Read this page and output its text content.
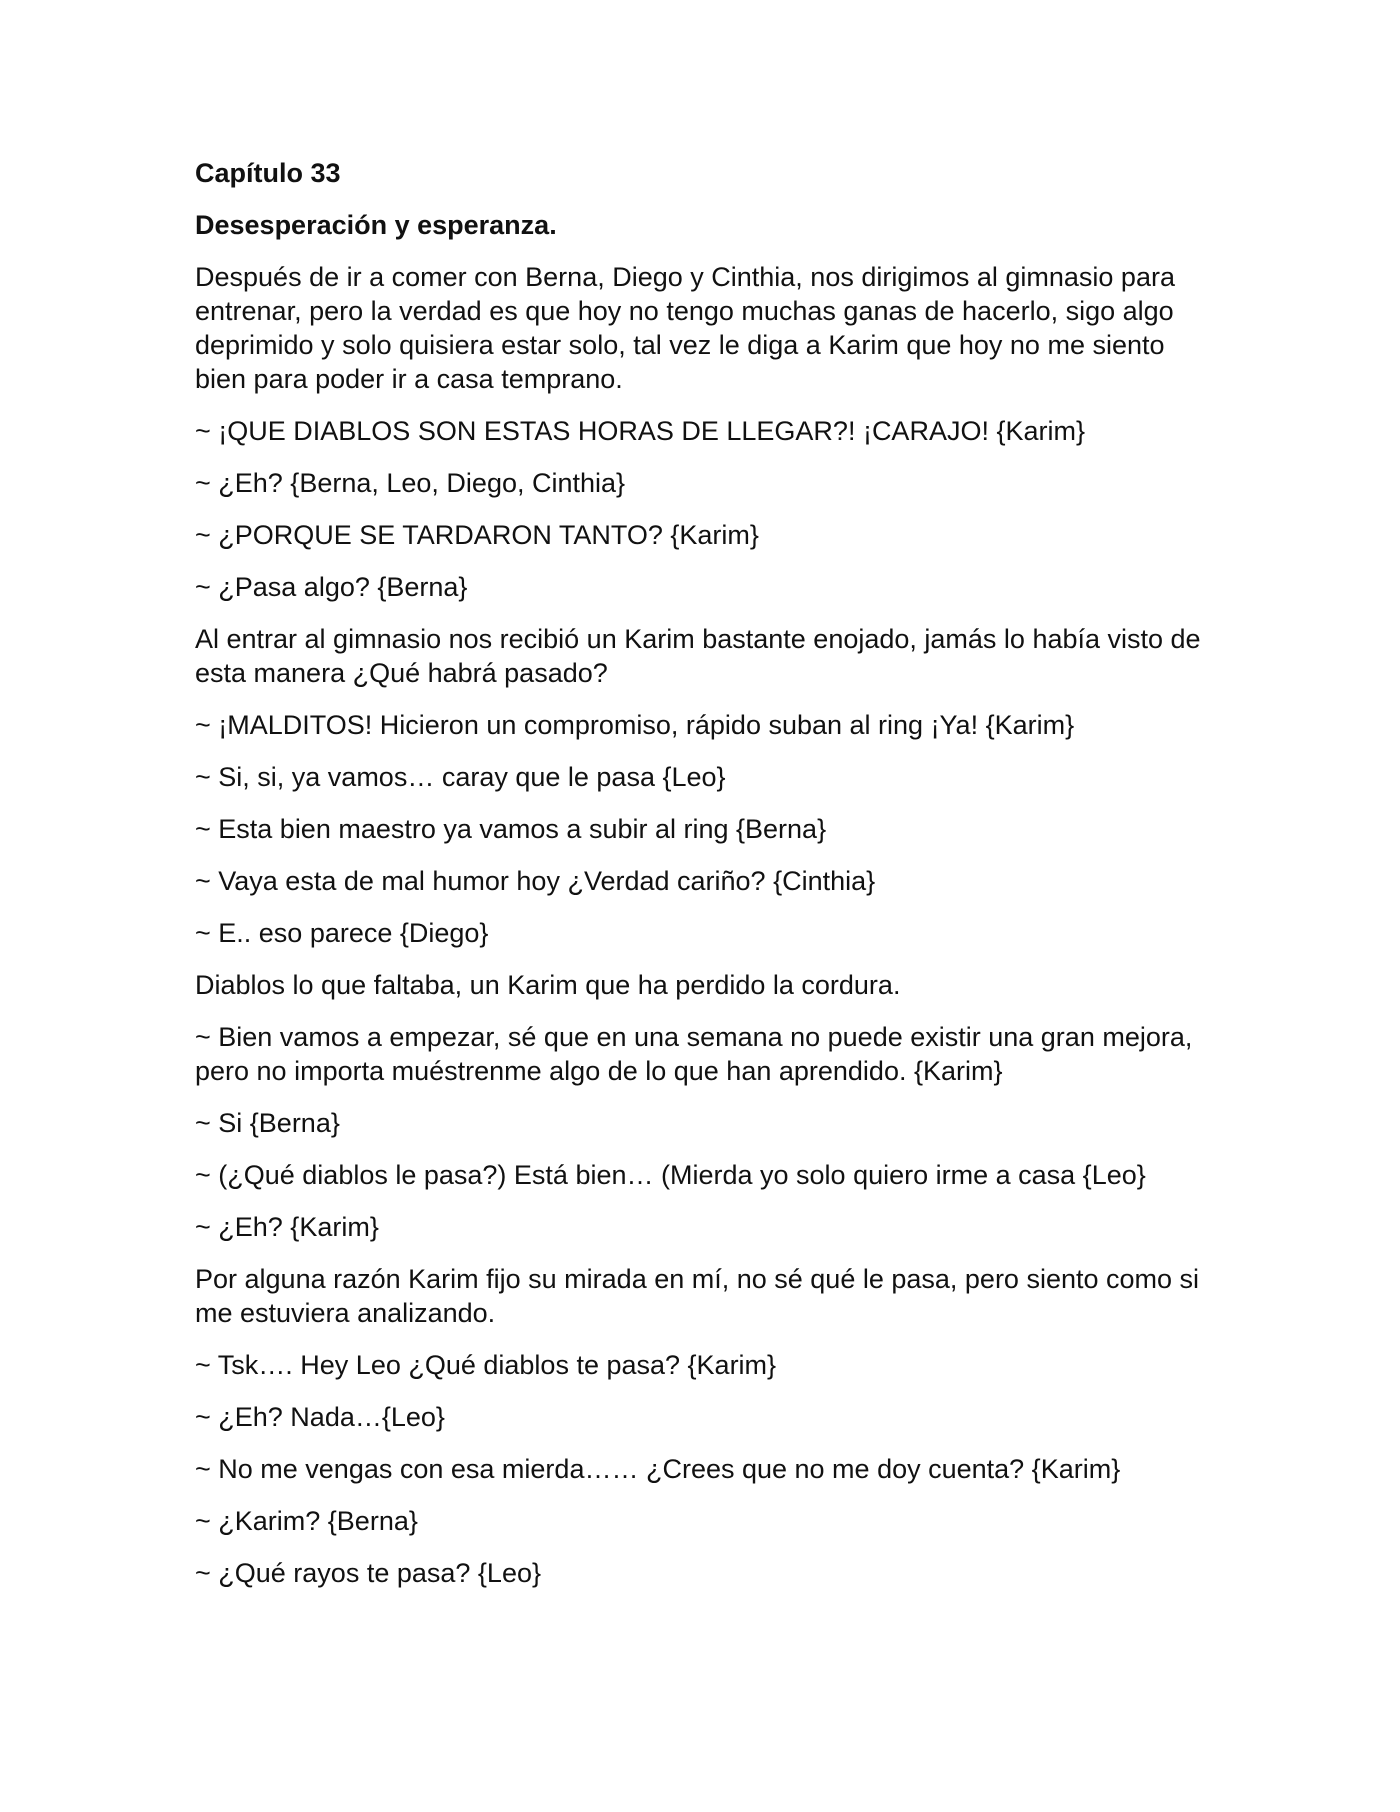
Capítulo 33
Desesperación y esperanza.

Después de ir a comer con Berna, Diego y Cinthia, nos dirigimos al gimnasio para entrenar, pero la verdad es que hoy no tengo muchas ganas de hacerlo, sigo algo deprimido y solo quisiera estar solo, tal vez le diga a Karim que hoy no me siento bien para poder ir a casa temprano.

~ ¡QUE DIABLOS SON ESTAS HORAS DE LLEGAR?! ¡CARAJO! {Karim}

~ ¿Eh? {Berna, Leo, Diego, Cinthia}

~ ¿PORQUE SE TARDARON TANTO? {Karim}

~ ¿Pasa algo? {Berna}

Al entrar al gimnasio nos recibió un Karim bastante enojado, jamás lo había visto de esta manera ¿Qué habrá pasado?

~ ¡MALDITOS! Hicieron un compromiso, rápido suban al ring ¡Ya! {Karim}

~ Si, si, ya vamos… caray que le pasa {Leo}

~ Esta bien maestro ya vamos a subir al ring {Berna}

~ Vaya esta de mal humor hoy ¿Verdad cariño? {Cinthia}

~ E.. eso parece {Diego}

Diablos lo que faltaba, un Karim que ha perdido la cordura.

~ Bien vamos a empezar, sé que en una semana no puede existir una gran mejora, pero no importa muéstrenme algo de lo que han aprendido. {Karim}

~ Si {Berna}

~ (¿Qué diablos le pasa?) Está bien… (Mierda yo solo quiero irme a casa {Leo}

~ ¿Eh? {Karim}

Por alguna razón Karim fijo su mirada en mí, no sé qué le pasa, pero siento como si me estuviera analizando.

~ Tsk…. Hey Leo ¿Qué diablos te pasa? {Karim}

~ ¿Eh? Nada…{Leo}

~ No me vengas con esa mierda…… ¿Crees que no me doy cuenta? {Karim}

~ ¿Karim? {Berna}

~ ¿Qué rayos te pasa? {Leo}
